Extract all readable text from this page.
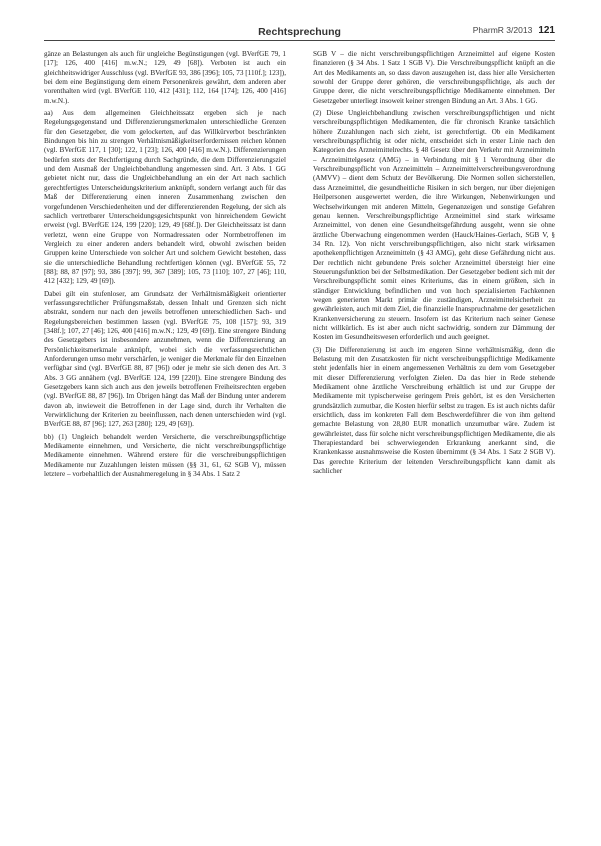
Rechtsprechung	PharmR 3/2013 121

gänze an Belastungen als auch für ungleiche Begünstigungen (vgl. BVerfGE 79, 1 [17]; 126, 400 [416] m.w.N.; 129, 49 [68]). Verboten ist auch ein gleichheitswidriger Ausschluss (vgl. BVerfGE 93, 386 [396]; 105, 73 [110f.]; 123]), bei dem eine Begünstigung dem einem Personenkreis gewährt, dem anderen aber vorenthalten wird (vgl. BVerfGE 110, 412 [431]; 112, 164 [174]; 126, 400 [416] m.w.N.).

aa) Aus dem allgemeinen Gleichheitssatz ergeben sich je nach Regelungsgegenstand und Differenzierungsmerkmalen unterschiedliche Grenzen für den Gesetzgeber, die vom gelockerten, auf das Willkürverbot beschränkten Bindungen bis hin zu strengen Verhältnismäßigkeitserfordernissen reichen können (vgl. BVerfGE 117, 1 [30]; 122, 1 [23]; 126, 400 [416] m.w.N.). Differenzierungen bedürfen stets der Rechtfertigung durch Sachgründe, die dem Differenzierungsziel und dem Ausmaß der Ungleichbehandlung angemessen sind. Art. 3 Abs. 1 GG gebietet nicht nur, dass die Ungleichbehandlung an ein der Art nach sachlich gerechtfertigtes Unterscheidungskriterium anknüpft, sondern verlangt auch für das Maß der Differenzierung einen inneren Zusammenhang zwischen den vorgefundenen Verschiedenheiten und der differenzierenden Regelung, der sich als sachlich vertretbarer Unterscheidungsgesichtspunkt von hinreichendem Gewicht erweist (vgl. BVerfGE 124, 199 [220]; 129, 49 [68f.]). Der Gleichheitssatz ist dann verletzt, wenn eine Gruppe von Normadressaten oder Normbetroffenen im Vergleich zu einer anderen anders behandelt wird, obwohl zwischen beiden Gruppen keine Unterschiede von solcher Art und solchem Gewicht bestehen, dass sie die unterschiedliche Behandlung rechtfertigen können (vgl. BVerfGE 55, 72 [88]; 88, 87 [97]; 93, 386 [397]; 99, 367 [389]; 105, 73 [110]; 107, 27 [46]; 110, 412 [432]; 129, 49 [69]).

Dabei gilt ein stufenloser, am Grundsatz der Verhältnismäßigkeit orientierter verfassungsrechtlicher Prüfungsmaßstab, dessen Inhalt und Grenzen sich nicht abstrakt, sondern nur nach den jeweils betroffenen unterschiedlichen Sach- und Regelungsbereichen bestimmen lassen (vgl. BVerfGE 75, 108 [157]; 93, 319 [348f.]; 107, 27 [46]; 126, 400 [416] m.w.N.; 129, 49 [69]). Eine strengere Bindung des Gesetzgebers ist insbesondere anzunehmen, wenn die Differenzierung an Persönlichkeitsmerkmale anknüpft, wobei sich die verfassungsrechtlichen Anforderungen umso mehr verschärfen, je weniger die Merkmale für den Einzelnen verfügbar sind (vgl. BVerfGE 88, 87 [96]) oder je mehr sie sich denen des Art. 3 Abs. 3 GG annähern (vgl. BVerfGE 124, 199 [220]). Eine strengere Bindung des Gesetzgebers kann sich auch aus den jeweils betroffenen Freiheitsrechten ergeben (vgl. BVerfGE 88, 87 [96]). Im Übrigen hängt das Maß der Bindung unter anderem davon ab, inwieweit die Betroffenen in der Lage sind, durch ihr Verhalten die Verwirklichung der Kriterien zu beeinflussen, nach denen unterschieden wird (vgl. BVerfGE 88, 87 [96]; 127, 263 [280]; 129, 49 [69]).

bb) (1) Ungleich behandelt werden Versicherte, die verschreibungspflichtige Medikamente einnehmen, und Versicherte, die nicht verschreibungspflichtige Medikamente einnehmen. Während erstere für die verschreibungspflichtigen Medikamente nur Zuzahlungen leisten müssen (§§ 31, 61, 62 SGB V), müssen letztere – vorbehaltlich der Ausnahmeregelung in § 34 Abs. 1 Satz 2

SGB V – die nicht verschreibungspflichtigen Arzneimittel auf eigene Kosten finanzieren (§ 34 Abs. 1 Satz 1 SGB V). Die Verschreibungspflicht knüpft an die Art des Medikaments an, so dass davon auszugehen ist, dass hier alle Versicherten sowohl der Gruppe derer gehören, die verschreibungspflichtige, als auch der Gruppe derer, die nicht verschreibungspflichtige Medikamente einnehmen. Der Gesetzgeber unterliegt insoweit keiner strengen Bindung an Art. 3 Abs. 1 GG.

(2) Diese Ungleichbehandlung zwischen verschreibungspflichtigen und nicht verschreibungspflichtigen Medikamenten, die für chronisch Kranke tatsächlich höhere Zuzahlungen nach sich zieht, ist gerechtfertigt. Ob ein Medikament verschreibungspflichtig ist oder nicht, entscheidet sich in erster Linie nach den Kategorien des Arzneimittelrechts. § 48 Gesetz über den Verkehr mit Arzneimitteln – Arzneimittelgesetz (AMG) – in Verbindung mit § 1 Verordnung über die Verschreibungspflicht von Arzneimitteln – Arzneimittelverschreibungsverordnung (AMVV) – dient dem Schutz der Bevölkerung. Die Normen sollen sicherstellen, dass Arzneimittel, die gesundheitliche Risiken in sich bergen, nur über diejenigen Heilpersonen ausgewertet werden, die ihre Wirkungen, Nebenwirkungen und Wechselwirkungen mit anderen Mitteln, Gegenanzeigen und sonstige Gefahren genau kennen. Verschreibungspflichtige Arzneimittel sind stark wirksame Arzneimittel, von denen eine Gesundheitsgefährdung ausgeht, wenn sie ohne ärztliche Überwachung eingenommen werden (Hauck/Haines-Gerlach, SGB V, § 34 Rn. 12). Von nicht verschreibungspflichtigen, also nicht stark wirksamen apothekenpflichtigen Arzneimitteln (§ 43 AMG), geht diese Gefährdung nicht aus. Der rechtlich nicht gebundene Preis solcher Arzneimittel übersteigt hier eine Steuerungsfunktion bei der Selbstmedikation. Der Gesetzgeber bedient sich mit der Verschreibungspflicht somit eines Kriteriums, das in einem größten, sich in ständiger Entwicklung befindlichen und von hoch spezialisierten Fachkennen wegen generierten Markt primär die zuständigen, Arzneimittelsicherheit zu gewährleisten, auch mit dem Ziel, die finanzielle Inanspruchnahme der gesetzlichen Krankenversicherung zu steuern. Insofern ist das Kriterium nach seiner Genese nicht willkürlich. Es ist aber auch nicht sachwidrig, sondern zur Dämmung der Kosten im Gesundheitswesen erforderlich und auch geeignet.

(3) Die Differenzierung ist auch im engeren Sinne verhältnismäßig, denn die Belastung mit den Zusatzkosten für nicht verschreibungspflichtige Medikamente steht jedenfalls hier in einem angemessenen Verhältnis zu dem vom Gesetzgeber mit dieser Differenzierung verfolgten Zielen. Da das hier in Rede stehende Medikament ohne ärztliche Verschreibung erhältlich ist und zur Gruppe der Medikamente mit typischerweise geringem Preis gehört, ist es den Versicherten grundsätzlich zumutbar, die Kosten hierfür selbst zu tragen. Es ist auch nichts dafür ersichtlich, dass im konkreten Fall dem Beschwerdeführer die von ihm geltend gemachte Belastung von 28,80 EUR monatlich unzumutbar wäre. Zudem ist gewährleistet, dass für solche nicht verschreibungspflichtigen Medikamente, die als Therapiestandard bei schwerwiegenden Erkrankung anerkannt sind, die Krankenkasse ausnahmsweise die Kosten übernimmt (§ 34 Abs. 1 Satz 2 SGB V). Das gerechte Kriterium der leitenden Verschreibungspflicht kann damit als sachlicher
